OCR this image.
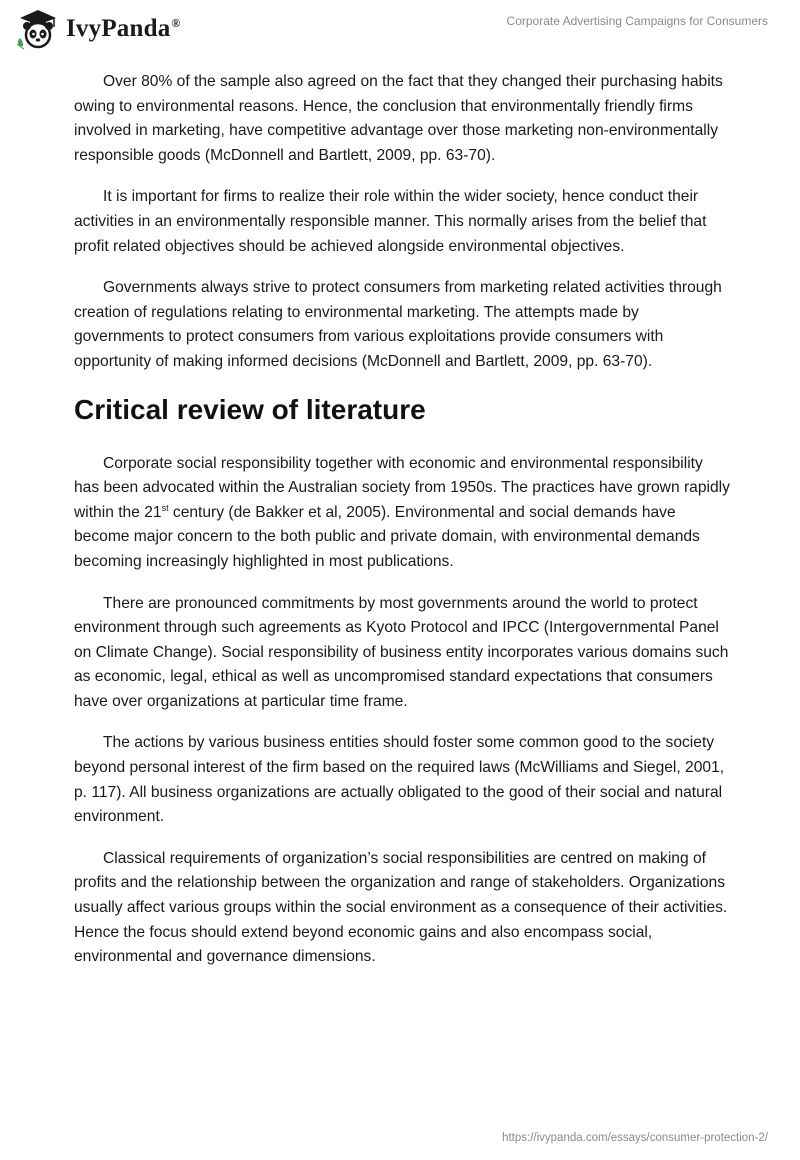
IvyPanda®	Corporate Advertising Campaigns for Consumers

Over 80% of the sample also agreed on the fact that they changed their purchasing habits owing to environmental reasons. Hence, the conclusion that environmentally friendly firms involved in marketing, have competitive advantage over those marketing non-environmentally responsible goods (McDonnell and Bartlett, 2009, pp. 63-70).

It is important for firms to realize their role within the wider society, hence conduct their activities in an environmentally responsible manner. This normally arises from the belief that profit related objectives should be achieved alongside environmental objectives.

Governments always strive to protect consumers from marketing related activities through creation of regulations relating to environmental marketing. The attempts made by governments to protect consumers from various exploitations provide consumers with opportunity of making informed decisions (McDonnell and Bartlett, 2009, pp. 63-70).

Critical review of literature

Corporate social responsibility together with economic and environmental responsibility has been advocated within the Australian society from 1950s. The practices have grown rapidly within the 21st century (de Bakker et al, 2005). Environmental and social demands have become major concern to the both public and private domain, with environmental demands becoming increasingly highlighted in most publications.

There are pronounced commitments by most governments around the world to protect environment through such agreements as Kyoto Protocol and IPCC (Intergovernmental Panel on Climate Change). Social responsibility of business entity incorporates various domains such as economic, legal, ethical as well as uncompromised standard expectations that consumers have over organizations at particular time frame.

The actions by various business entities should foster some common good to the society beyond personal interest of the firm based on the required laws (McWilliams and Siegel, 2001, p. 117). All business organizations are actually obligated to the good of their social and natural environment.

Classical requirements of organization’s social responsibilities are centred on making of profits and the relationship between the organization and range of stakeholders. Organizations usually affect various groups within the social environment as a consequence of their activities. Hence the focus should extend beyond economic gains and also encompass social, environmental and governance dimensions.

https://ivypanda.com/essays/consumer-protection-2/
